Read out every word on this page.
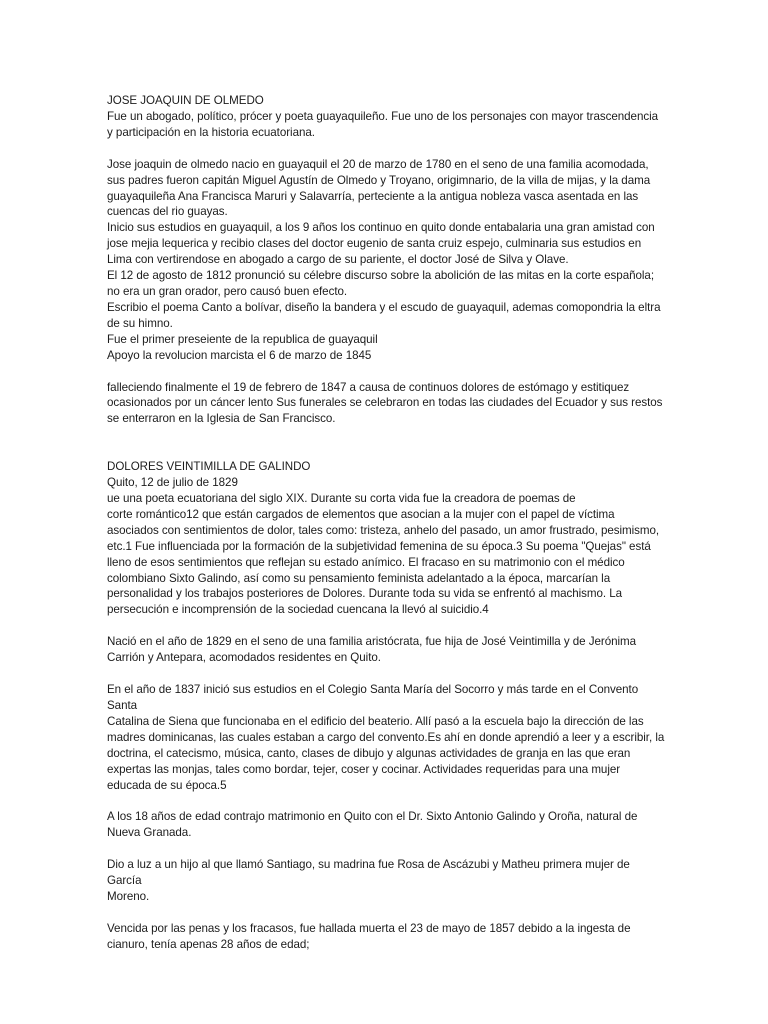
JOSE JOAQUIN DE OLMEDO

Fue un abogado, político, prócer y poeta guayaquileño. Fue uno de los personajes con mayor trascendencia
y participación en la historia ecuatoriana.

Jose joaquin de olmedo nacio en guayaquil el 20 de marzo de 1780 en el seno de una familia acomodada,
sus padres fueron capitán Miguel Agustín de Olmedo y Troyano, origimnario, de la villa de mijas, y la dama
guayaquileña Ana Francisca Maruri y Salavarría, perteciente a la antigua nobleza vasca asentada en las
cuencas del rio guayas.
Inicio sus estudios en guayaquil, a los 9 años los continuo en quito donde entabalaria una gran amistad con
jose mejia lequerica y recibio clases del doctor eugenio de santa cruiz espejo, culminaria sus estudios en
Lima con vertirendose en abogado a cargo de su pariente, el doctor José de Silva y Olave.
El 12 de agosto de 1812 pronunció su célebre discurso sobre la abolición de las mitas en la corte española;
no era un gran orador, pero causó buen efecto.
Escribio el poema Canto a bolívar, diseño la bandera y el escudo de guayaquil, ademas comopondria la eltra
de su himno.
Fue el primer preseiente de la republica de guayaquil
Apoyo la revolucion marcista el 6 de marzo de 1845

falleciendo finalmente el 19 de febrero de 1847 a causa de continuos dolores de estómago y estitiquez
ocasionados por un cáncer lento Sus funerales se celebraron en todas las ciudades del Ecuador y sus restos
se enterraron en la Iglesia de San Francisco.

DOLORES VEINTIMILLA DE GALINDO

Quito, 12 de julio de 1829

ue una poeta ecuatoriana del siglo XIX. Durante su corta vida fue la creadora de poemas de
corte romántico12 que están cargados de elementos que asocian a la mujer con el papel de víctima
asociados con sentimientos de dolor, tales como: tristeza, anhelo del pasado, un amor frustrado, pesimismo,
etc.1 Fue influenciada por la formación de la subjetividad femenina de su época.3 Su poema "Quejas" está
lleno de esos sentimientos que reflejan su estado anímico. El fracaso en su matrimonio con el médico
colombiano Sixto Galindo, así como su pensamiento feminista adelantado a la época, marcarían la
personalidad y los trabajos posteriores de Dolores. Durante toda su vida se enfrentó al machismo. La
persecución e incomprensión de la sociedad cuencana la llevó al suicidio.4

Nació en el año de 1829 en el seno de una familia aristócrata, fue hija de José Veintimilla y de Jerónima
Carrión y Antepara, acomodados residentes en Quito.

En el año de 1837 inició sus estudios en el Colegio Santa María del Socorro y más tarde en el Convento Santa
Catalina de Siena que funcionaba en el edificio del beaterio. Allí pasó a la escuela bajo la dirección de las
madres dominicanas, las cuales estaban a cargo del convento.Es ahí en donde aprendió a leer y a escribir, la
doctrina, el catecismo, música, canto, clases de dibujo y algunas actividades de granja en las que eran
expertas las monjas, tales como bordar, tejer, coser y cocinar. Actividades requeridas para una mujer
educada de su época.5

A los 18 años de edad contrajo matrimonio en Quito con el Dr. Sixto Antonio Galindo y Oroña, natural de
Nueva Granada.

Dio a luz a un hijo al que llamó Santiago, su madrina fue Rosa de Ascázubi y Matheu primera mujer de García
Moreno.

Vencida por las penas y los fracasos, fue hallada muerta el 23 de mayo de 1857 debido a la ingesta de
cianuro, tenía apenas 28 años de edad;
